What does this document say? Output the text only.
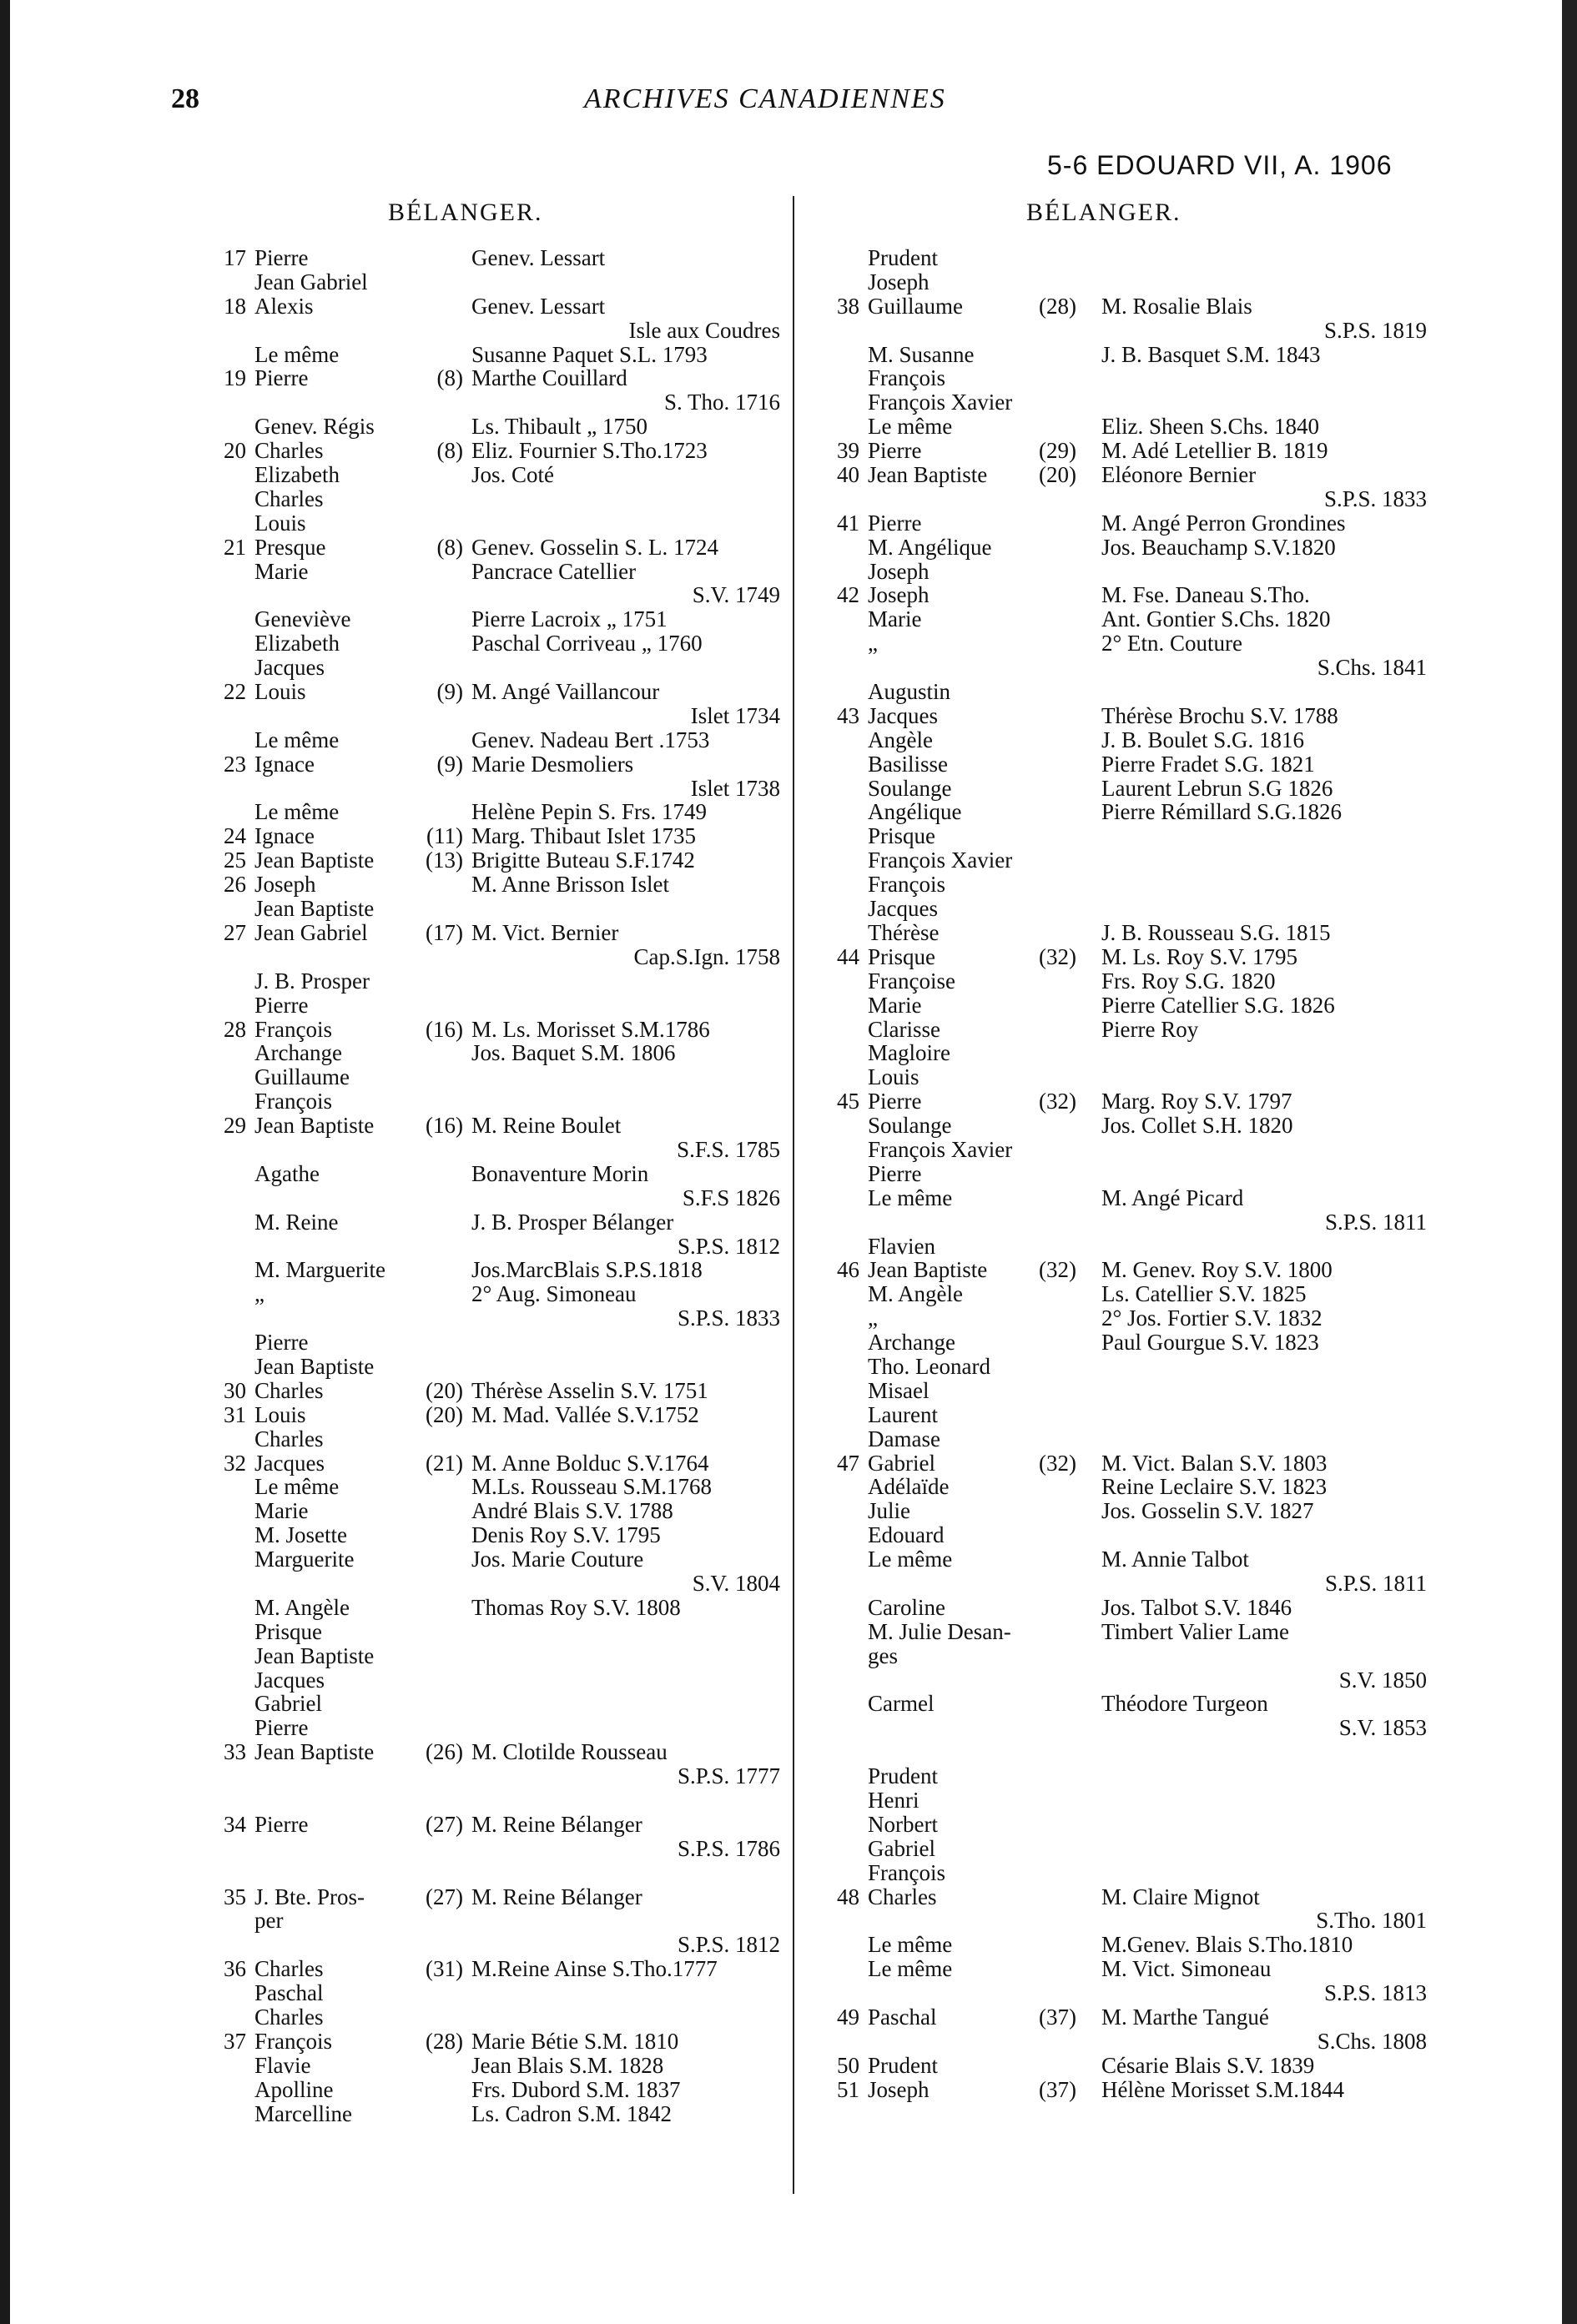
28	ARCHIVES CANADIENNES
5-6 EDOUARD VII, A. 1906
BÉLANGER.	BÉLANGER.
17 Pierre	Genev. Lessart
Jean Gabriel
18 Alexis	Genev. Lessart
Isle aux Coudres
Le même	Susanne Paquet S.L. 1793
19 Pierre	(8) Marthe Couillard
S. Tho. 1716
Genev. Régis	Ls. Thibault „ 1750
20 Charles	(8) Eliz. Fournier S.Tho.1723
Elizabeth	Jos. Coté
Charles
Louis
21 Presque	(8) Genev. Gosselin S. L. 1724
Marie	Pancrace Catellier
S.V. 1749
Geneviève	Pierre Lacroix „ 1751
Elizabeth	Paschal Corriveau „ 1760
Jacques
22 Louis	(9) M. Angé Vaillancour
Islet 1734
Le même	Genev. Nadeau Bert .1753
23 Ignace	(9) Marie Desmoliers
Islet 1738
Le même	Helène Pepin S. Frs. 1749
24 Ignace	(11) Marg. Thibaut Islet 1735
25 Jean Baptiste	(13) Brigitte Buteau S.F.1742
26 Joseph	M. Anne Brisson Islet
Jean Baptiste
27 Jean Gabriel	(17) M. Vict. Bernier
Cap.S.Ign. 1758
J. B. Prosper
Pierre
28 François	(16) M. Ls. Morisset S.M.1786
Archange	Jos. Baquet S.M. 1806
Guillaume
François
29 Jean Baptiste	(16) M. Reine Boulet
S.F.S. 1785
Agathe	Bonaventure Morin
S.F.S 1826
M. Reine	J. B. Prosper Bélanger
S.P.S. 1812
M. Marguerite	Jos.MarcBlais S.P.S.1818
„	2° Aug. Simoneau
S.P.S. 1833
Pierre
Jean Baptiste
30 Charles	(20) Thérèse Asselin S.V. 1751
31 Louis	(20) M. Mad. Vallée S.V.1752
Charles
32 Jacques	(21) M. Anne Bolduc S.V.1764
Le même	M.Ls. Rousseau S.M.1768
Marie	André Blais S.V. 1788
M. Josette	Denis Roy S.V. 1795
Marguerite	Jos. Marie Couture
S.V. 1804
M. Angèle	Thomas Roy S.V. 1808
Prisque
Jean Baptiste
Jacques
Gabriel
Pierre
33 Jean Baptiste	(26) M. Clotilde Rousseau
S.P.S. 1777
34 Pierre	(27) M. Reine Bélanger
S.P.S. 1786
35 J. Bte. Pros-	(27) M. Reine Bélanger
per
S.P.S. 1812
36 Charles	(31) M.Reine Ainse S.Tho.1777
Paschal
Charles
37 François	(28) Marie Bétie S.M. 1810
Flavie	Jean Blais S.M. 1828
Apolline	Frs. Dubord S.M. 1837
Marcelline	Ls. Cadron S.M. 1842
Prudent
Joseph
38 Guillaume	(28) M. Rosalie Blais
S.P.S. 1819
M. Susanne	J. B. Basquet S.M. 1843
François
François Xavier
Le même	Eliz. Sheen S.Chs. 1840
39 Pierre	(29) M. Adé Letellier B. 1819
40 Jean Baptiste	(20) Eléonore Bernier
S.P.S. 1833
41 Pierre	M. Angé Perron Grondines
M. Angélique	Jos. Beauchamp S.V.1820
Joseph
42 Joseph	M. Fse. Daneau S.Tho.
Marie	Ant. Gontier S.Chs. 1820
„	2° Etn. Couture
S.Chs. 1841
Augustin
43 Jacques	Thérèse Brochu S.V. 1788
Angèle	J. B. Boulet S.G. 1816
Basilisse	Pierre Fradet S.G. 1821
Soulange	Laurent Lebrun S.G 1826
Angélique	Pierre Rémillard S.G.1826
Prisque
François Xavier
François
Jacques
Thérèse	J. B. Rousseau S.G. 1815
44 Prisque	(32) M. Ls. Roy S.V. 1795
Françoise	Frs. Roy S.G. 1820
Marie	Pierre Catellier S.G. 1826
Clarisse	Pierre Roy
Magloire
Louis
45 Pierre	(32) Marg. Roy S.V. 1797
Soulange	Jos. Collet S.H. 1820
François Xavier
Pierre
Le même	M. Angé Picard
S.P.S. 1811
Flavien
46 Jean Baptiste	(32) M. Genev. Roy S.V. 1800
M. Angèle	Ls. Catellier S.V. 1825
„	2° Jos. Fortier S.V. 1832
Archange	Paul Gourgue S.V. 1823
Tho. Leonard
Misael
Laurent
Damase
47 Gabriel	(32) M. Vict. Balan S.V. 1803
Adélaïde	Reine Leclaire S.V. 1823
Julie	Jos. Gosselin S.V. 1827
Edouard
Le même	M. Annie Talbot
S.P.S. 1811
Caroline	Jos. Talbot S.V. 1846
M. Julie Desan-	Timbert Valier Lame
ges
S.V. 1850
Carmel	Théodore Turgeon
S.V. 1853
Prudent
Henri
Norbert
Gabriel
François
48 Charles	M. Claire Mignot
S.Tho. 1801
Le même	M.Genev. Blais S.Tho.1810
Le même	M. Vict. Simoneau
S.P.S. 1813
49 Paschal	(37) M. Marthe Tangué
S.Chs. 1808
50 Prudent	Césarie Blais S.V. 1839
51 Joseph	(37) Hélène Morisset S.M.1844
